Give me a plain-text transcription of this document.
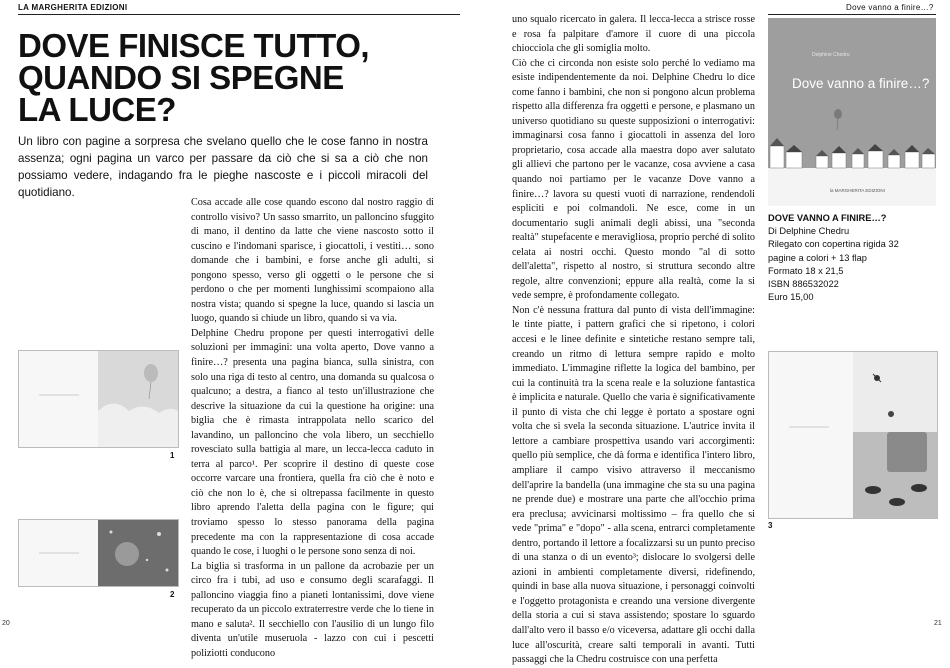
LA MARGHERITA EDIZIONI
DOVE FINISCE TUTTO,
QUANDO SI SPEGNE
LA LUCE?
Un libro con pagine a sorpresa che svelano quello che le cose fanno in nostra assenza; ogni pagina un varco per passare da ciò che si sa a ciò che non possiamo vedere, indagando fra le pieghe nascoste e i piccoli miracoli del quotidiano.

Cosa accade alle cose quando escono dal nostro raggio di controllo visivo? Un sasso smarrito, un palloncino sfuggito di mano, il dentino da latte che viene nascosto sotto il cuscino e l'indomani sparisce, i giocattoli, i vestiti… sono domande che i bambini, e forse anche gli adulti, si pongono spesso, verso gli oggetti o le persone che si perdono o che per momenti lunghissimi scompaiono alla nostra vista; quando si spegne la luce, quando si lascia un luogo, quando si chiude un libro, quando si va via.

Delphine Chedru propone per questi interrogativi delle soluzioni per immagini: una volta aperto, Dove vanno a finire…? presenta una pagina bianca, sulla sinistra, con solo una riga di testo al centro, una domanda su qualcosa o qualcuno; a destra, a fianco al testo un'illustrazione che descrive la situazione da cui la questione ha origine: una biglia che è rimasta intrappolata nello scarico del lavandino, un palloncino che vola libero, un secchiello rovesciato sulla battigia al mare, un lecca-lecca caduto in terra al parco¹. Per scoprire il destino di queste cose occorre varcare una frontiera, quella fra ciò che è noto e ciò che non lo è, che si oltrepassa facilmente in questo libro aprendo l'aletta della pagina con le figure; qui troviamo spesso lo stesso panorama della pagina precedente ma con la rappresentazione di cosa accade quando le cose, i luoghi o le persone sono senza di noi.

La biglia si trasforma in un pallone da acrobazie per un circo fra i tubi, ad uso e consumo degli scarafaggi. Il palloncino viaggia fino a pianeti lontanissimi, dove viene recuperato da un piccolo extraterrestre verde che lo tiene in mano e saluta². Il secchiello con l'ausilio di un lungo filo diventa un'utile museruola - lazzo con cui i pescetti poliziotti conducono

1
2
20
Dove vanno a finire…?

uno squalo ricercato in galera. Il lecca-lecca a strisce rosse e rosa fa palpitare d'amore il cuore di una piccola chiocciola che gli somiglia molto.

Ciò che ci circonda non esiste solo perché lo vediamo ma esiste indipendentemente da noi. Delphine Chedru lo dice come fanno i bambini, che non si pongono alcun problema rispetto alla differenza fra oggetti e persone, e plasmano un universo quotidiano su queste supposizioni o interrogativi: immaginarsi cosa fanno i giocattoli in assenza del loro proprietario, cosa accade alla maestra dopo aver salutato gli allievi che partono per le vacanze, cosa avviene a casa quando noi partiamo per le vacanze Dove vanno a finire…? lavora su questi vuoti di narrazione, rendendoli espliciti e poi colmandoli. Ne esce, come in un documentario sugli animali degli abissi, una "seconda realtà" stupefacente e meravigliosa, proprio perché di solito celata ai nostri occhi. Questo mondo "al di sotto dell'aletta", rispetto al nostro, si struttura secondo altre regole, altre convenzioni; eppure alla realtà, come la si vede sempre, è profondamente collegato.

Non c'è nessuna frattura dal punto di vista dell'immagine: le tinte piatte, i pattern grafici che si ripetono, i colori accesi e le linee definite e sintetiche restano sempre tali, creando un ritmo di lettura sempre rapido e molto immediato. L'immagine riflette la logica del bambino, per cui la continuità tra la scena reale e la soluzione fantastica è implicita e naturale. Quello che varia è significativamente il punto di vista che chi legge è portato a spostare ogni volta che si svela la seconda situazione. L'autrice invita il lettore a cambiare prospettiva usando vari accorgimenti: quello più semplice, che dà forma e identifica l'intero libro, ampliare il campo visivo attraverso il meccanismo dell'aprire la bandella (una immagine che sta su una pagina ne prende due) e mostrare una parte che all'occhio prima era preclusa; avvicinarsi moltissimo – fra quello che si vede "prima" e "dopo" - alla scena, entrarci completamente dentro, portando il lettore a focalizzarsi su un punto preciso di una stanza o di un evento³; dislocare lo svolgersi delle azioni in ambienti completamente diversi, ridefinendo, quindi in base alla nuova situazione, i personaggi coinvolti e l'oggetto protagonista e creando una versione divergente della storia a cui si stava assistendo; spostare lo sguardo dall'alto vero il basso e/o viceversa, adattare gli occhi dalla luce all'oscurità, creare salti temporali in avanti. Tutti passaggi che la Chedru costruisce con una perfetta

Delphine Chedru
Dove vanno a finire…?
la MARGHERITA EDIZIONI
DOVE VANNO A FINIRE…?
Di Delphine Chedru
Rilegato con copertina rigida 32
pagine a colori + 13 flap
Formato 18 x 21,5
ISBN 886532022
Euro 15,00
3
21
